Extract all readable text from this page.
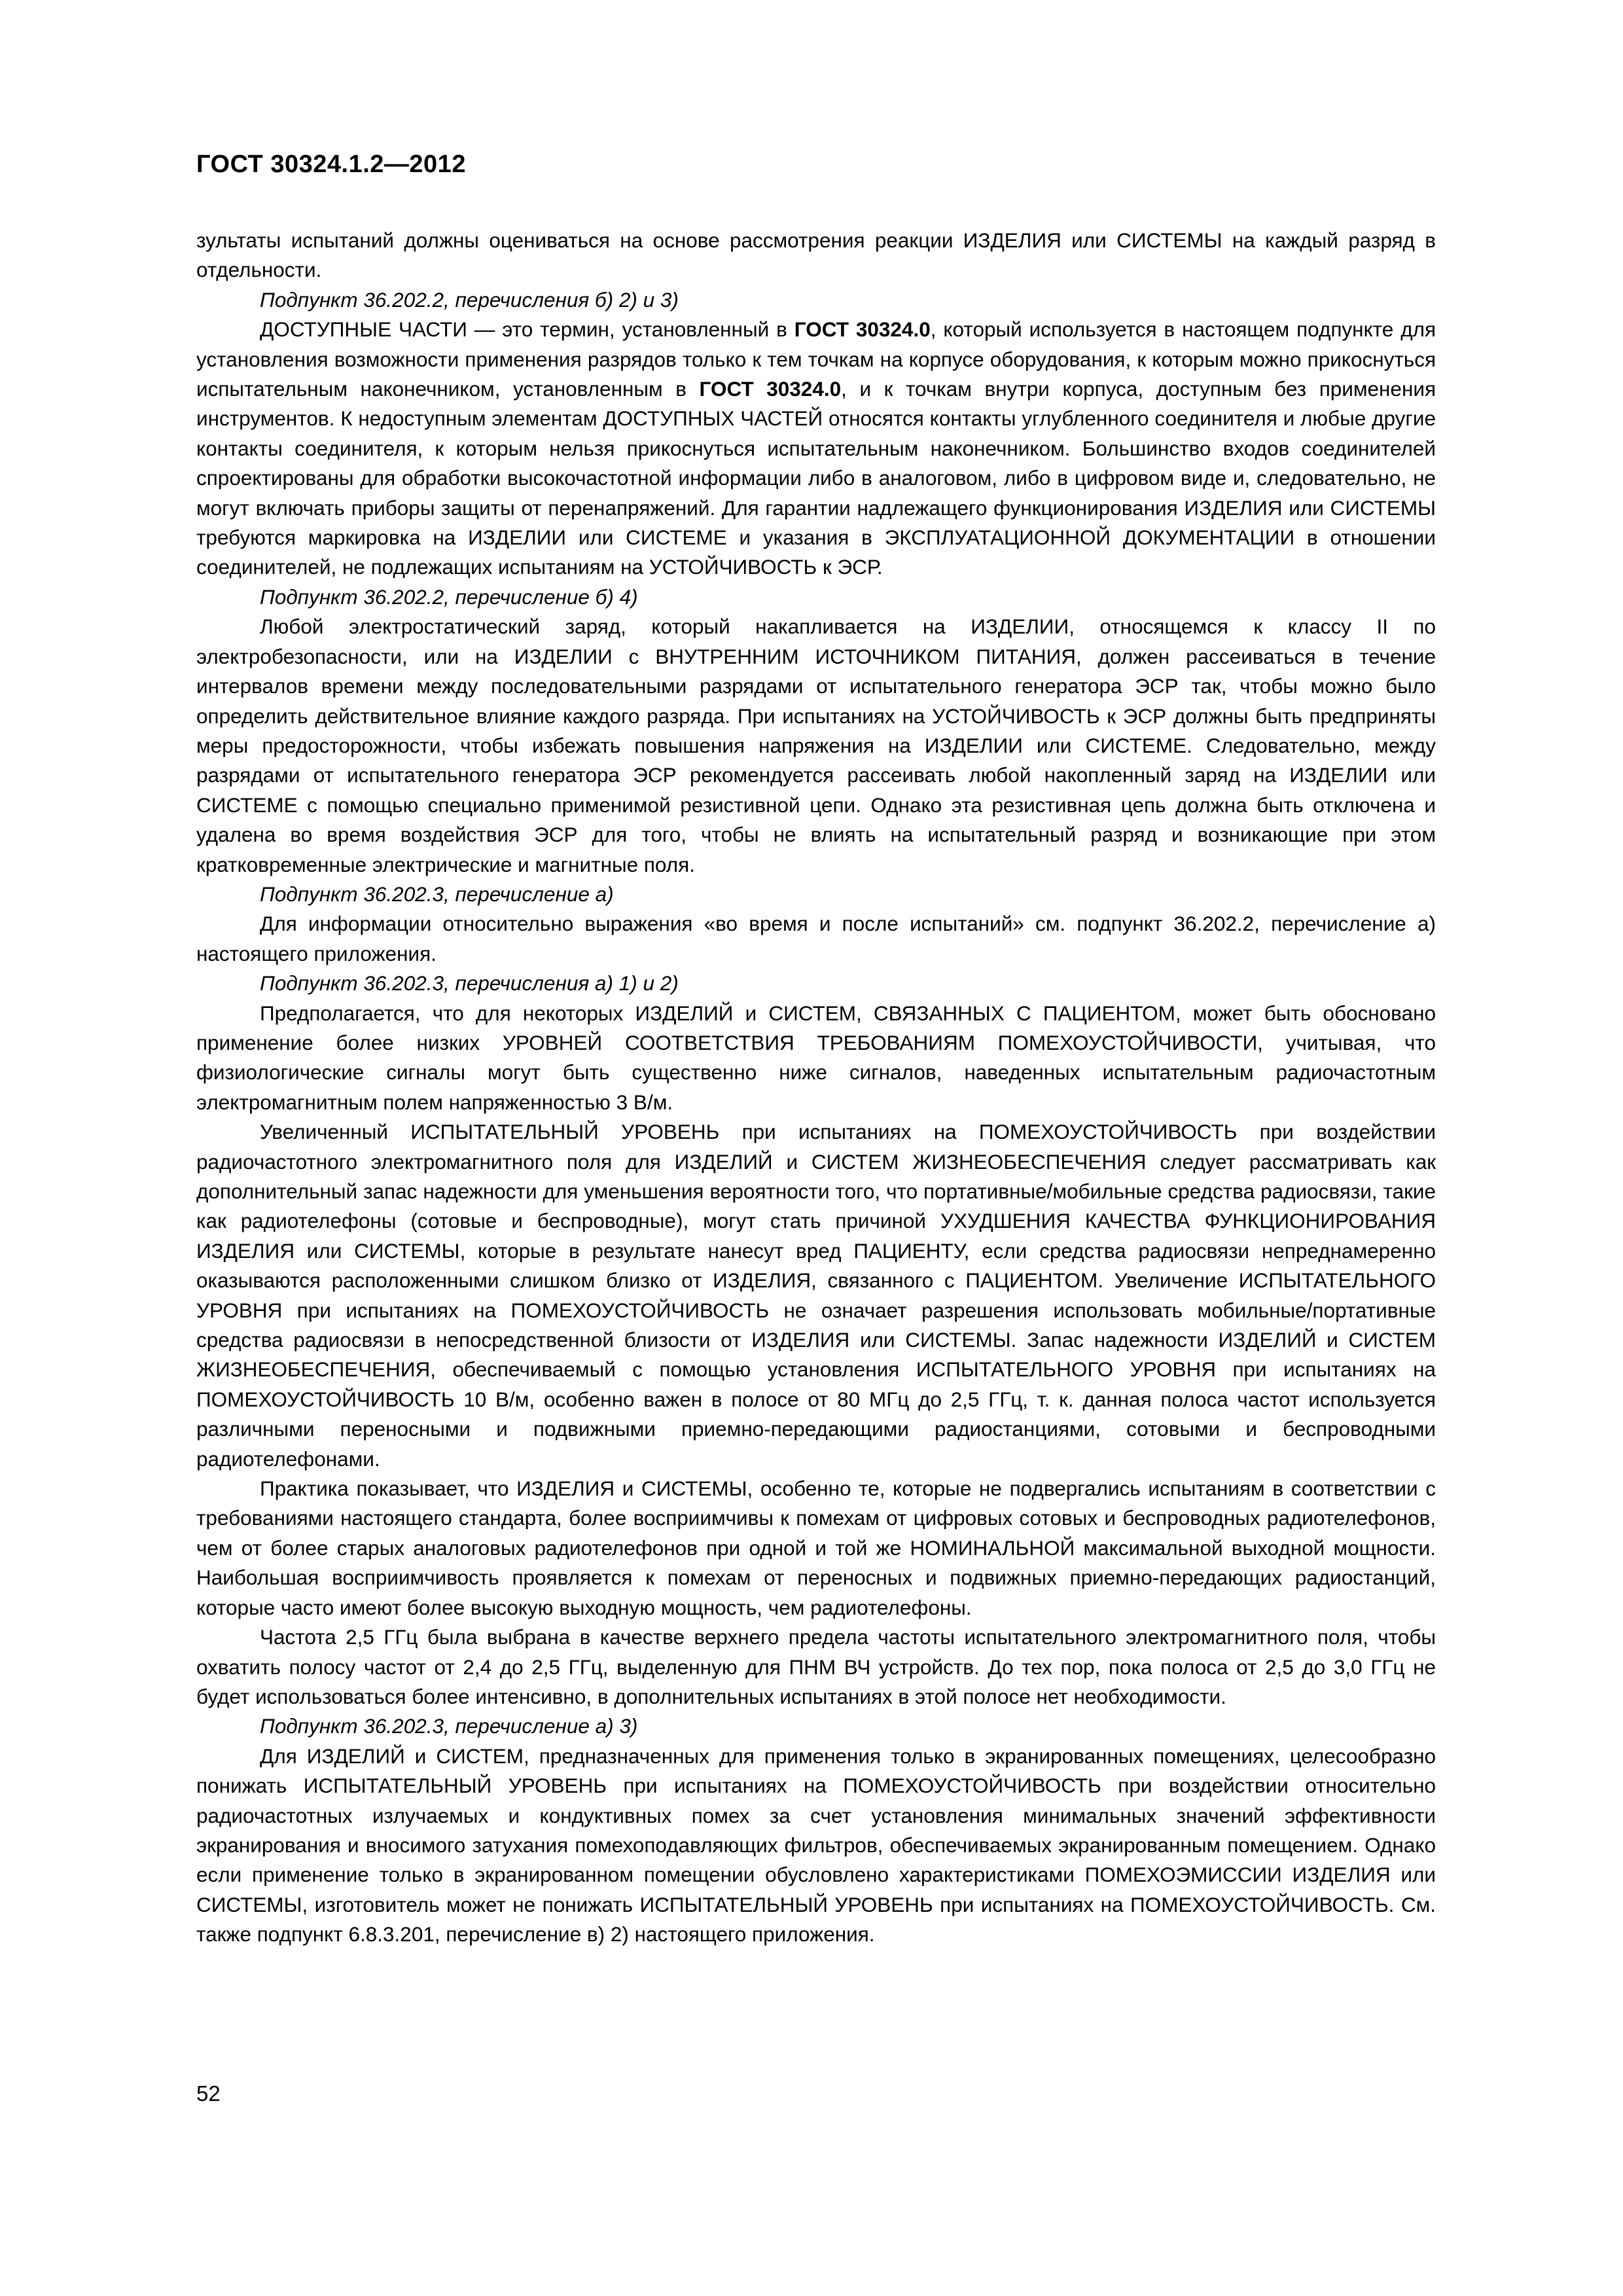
ГОСТ 30324.1.2—2012

зультаты испытаний должны оцениваться на основе рассмотрения реакции ИЗДЕЛИЯ или СИСТЕМЫ на каждый разряд в отдельности.

Подпункт 36.202.2, перечисления б) 2) и 3)

ДОСТУПНЫЕ ЧАСТИ — это термин, установленный в ГОСТ 30324.0, который используется в настоящем подпункте для установления возможности применения разрядов только к тем точкам на корпусе оборудования, к которым можно прикоснуться испытательным наконечником, установленным в ГОСТ 30324.0, и к точкам внутри корпуса, доступным без применения инструментов. К недоступным элементам ДОСТУПНЫХ ЧАСТЕЙ относятся контакты углубленного соединителя и любые другие контакты соединителя, к которым нельзя прикоснуться испытательным наконечником. Большинство входов соединителей спроектированы для обработки высокочастотной информации либо в аналоговом, либо в цифровом виде и, следовательно, не могут включать приборы защиты от перенапряжений. Для гарантии надлежащего функционирования ИЗДЕЛИЯ или СИСТЕМЫ требуются маркировка на ИЗДЕЛИИ или СИСТЕМЕ и указания в ЭКСПЛУАТАЦИОННОЙ ДОКУМЕНТАЦИИ в отношении соединителей, не подлежащих испытаниям на УСТОЙЧИВОСТЬ к ЭСР.

Подпункт 36.202.2, перечисление б) 4)

Любой электростатический заряд, который накапливается на ИЗДЕЛИИ, относящемся к классу II по электробезопасности, или на ИЗДЕЛИИ с ВНУТРЕННИМ ИСТОЧНИКОМ ПИТАНИЯ, должен рассеиваться в течение интервалов времени между последовательными разрядами от испытательного генератора ЭСР так, чтобы можно было определить действительное влияние каждого разряда. При испытаниях на УСТОЙЧИВОСТЬ к ЭСР должны быть предприняты меры предосторожности, чтобы избежать повышения напряжения на ИЗДЕЛИИ или СИСТЕМЕ. Следовательно, между разрядами от испытательного генератора ЭСР рекомендуется рассеивать любой накопленный заряд на ИЗДЕЛИИ или СИСТЕМЕ с помощью специально применимой резистивной цепи. Однако эта резистивная цепь должна быть отключена и удалена во время воздействия ЭСР для того, чтобы не влиять на испытательный разряд и возникающие при этом кратковременные электрические и магнитные поля.

Подпункт 36.202.3, перечисление а)

Для информации относительно выражения «во время и после испытаний» см. подпункт 36.202.2, перечисление а) настоящего приложения.

Подпункт 36.202.3, перечисления а) 1) и 2)

Предполагается, что для некоторых ИЗДЕЛИЙ и СИСТЕМ, СВЯЗАННЫХ С ПАЦИЕНТОМ, может быть обосновано применение более низких УРОВНЕЙ СООТВЕТСТВИЯ ТРЕБОВАНИЯМ ПОМЕХОУСТОЙЧИВОСТИ, учитывая, что физиологические сигналы могут быть существенно ниже сигналов, наведенных испытательным радиочастотным электромагнитным полем напряженностью 3 В/м.

Увеличенный ИСПЫТАТЕЛЬНЫЙ УРОВЕНЬ при испытаниях на ПОМЕХОУСТОЙЧИВОСТЬ при воздействии радиочастотного электромагнитного поля для ИЗДЕЛИЙ и СИСТЕМ ЖИЗНЕОБЕСПЕЧЕНИЯ следует рассматривать как дополнительный запас надежности для уменьшения вероятности того, что портативные/мобильные средства радиосвязи, такие как радиотелефоны (сотовые и беспроводные), могут стать причиной УХУДШЕНИЯ КАЧЕСТВА ФУНКЦИОНИРОВАНИЯ ИЗДЕЛИЯ или СИСТЕМЫ, которые в результате нанесут вред ПАЦИЕНТУ, если средства радиосвязи непреднамеренно оказываются расположенными слишком близко от ИЗДЕЛИЯ, связанного с ПАЦИЕНТОМ. Увеличение ИСПЫТАТЕЛЬНОГО УРОВНЯ при испытаниях на ПОМЕХОУСТОЙЧИВОСТЬ не означает разрешения использовать мобильные/портативные средства радиосвязи в непосредственной близости от ИЗДЕЛИЯ или СИСТЕМЫ. Запас надежности ИЗДЕЛИЙ и СИСТЕМ ЖИЗНЕОБЕСПЕЧЕНИЯ, обеспечиваемый с помощью установления ИСПЫТАТЕЛЬНОГО УРОВНЯ при испытаниях на ПОМЕХОУСТОЙЧИВОСТЬ 10 В/м, особенно важен в полосе от 80 МГц до 2,5 ГГц, т. к. данная полоса частот используется различными переносными и подвижными приемно-передающими радиостанциями, сотовыми и беспроводными радиотелефонами.

Практика показывает, что ИЗДЕЛИЯ и СИСТЕМЫ, особенно те, которые не подвергались испытаниям в соответствии с требованиями настоящего стандарта, более восприимчивы к помехам от цифровых сотовых и беспроводных радиотелефонов, чем от более старых аналоговых радиотелефонов при одной и той же НОМИНАЛЬНОЙ максимальной выходной мощности. Наибольшая восприимчивость проявляется к помехам от переносных и подвижных приемно-передающих радиостанций, которые часто имеют более высокую выходную мощность, чем радиотелефоны.

Частота 2,5 ГГц была выбрана в качестве верхнего предела частоты испытательного электромагнитного поля, чтобы охватить полосу частот от 2,4 до 2,5 ГГц, выделенную для ПНМ ВЧ устройств. До тех пор, пока полоса от 2,5 до 3,0 ГГц не будет использоваться более интенсивно, в дополнительных испытаниях в этой полосе нет необходимости.

Подпункт 36.202.3, перечисление а) 3)

Для ИЗДЕЛИЙ и СИСТЕМ, предназначенных для применения только в экранированных помещениях, целесообразно понижать ИСПЫТАТЕЛЬНЫЙ УРОВЕНЬ при испытаниях на ПОМЕХОУСТОЙЧИВОСТЬ при воздействии относительно радиочастотных излучаемых и кондуктивных помех за счет установления минимальных значений эффективности экранирования и вносимого затухания помехоподавляющих фильтров, обеспечиваемых экранированным помещением. Однако если применение только в экранированном помещении обусловлено характеристиками ПОМЕХОЭМИССИИ ИЗДЕЛИЯ или СИСТЕМЫ, изготовитель может не понижать ИСПЫТАТЕЛЬНЫЙ УРОВЕНЬ при испытаниях на ПОМЕХОУСТОЙЧИВОСТЬ. См. также подпункт 6.8.3.201, перечисление в) 2) настоящего приложения.

52
